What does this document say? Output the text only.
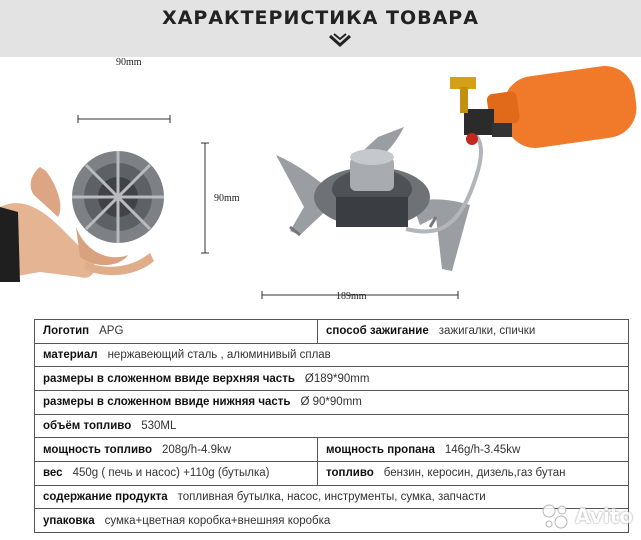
ХАРАКТЕРИСТИКА ТОВАРА
90mm
90mm
189mm
Логотип APG	способ зажигание зажигалки, спички
материал нержавеющий сталь , алюминивый сплав	
размеры в сложенном ввиде верхняя часть Ø189*90mm	
размеры в сложенном ввиде нижняя часть Ø 90*90mm	
объём топливо 530ML	
мощность топливо 208g/h-4.9kw	мощность пропана 146g/h-3.45kw
вес 450g ( печь и насос) +110g (бутылка)	топливо бензин, керосин, дизель,газ бутан
содержание продукта топливная бутылка, насос, инструменты, сумка, запчасти	
упаковка сумка+цветная коробка+внешняя коробка		Avito
